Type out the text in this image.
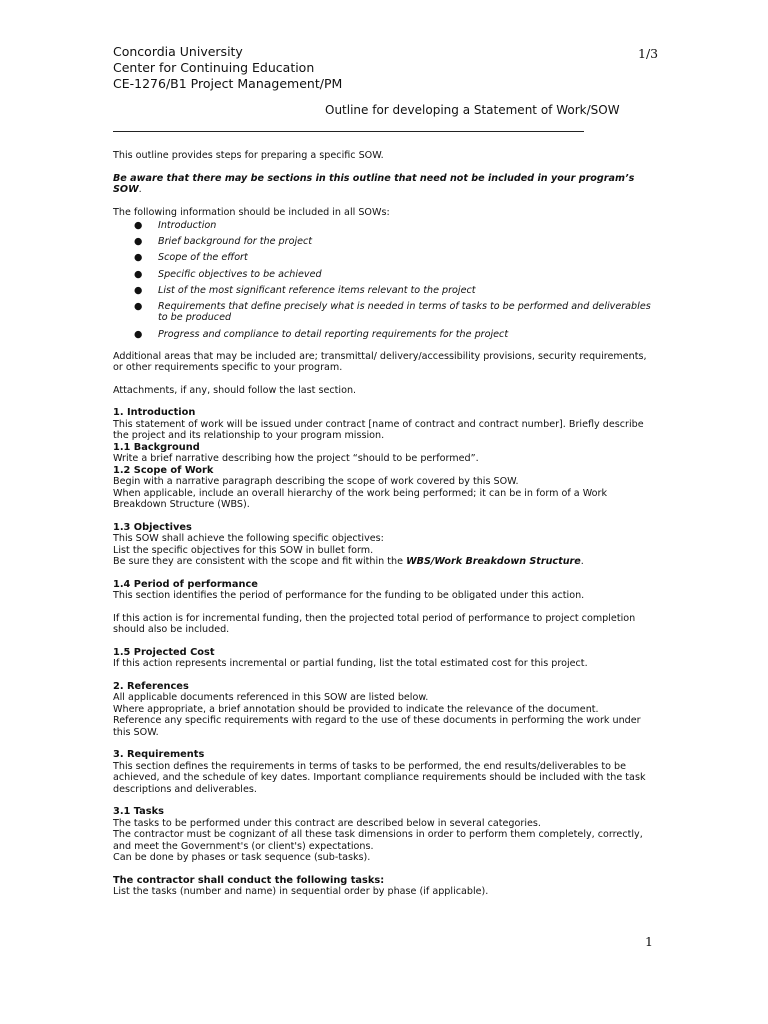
Concordia University
Center for Continuing Education
CE-1276/B1 Project Management/PM
1/3
Outline for developing a Statement of Work/SOW

This outline provides steps for preparing a specific SOW.

Be aware that there may be sections in this outline that need not be included in your program’s SOW.

The following information should be included in all SOWs:

● Introduction
● Brief background for the project
● Scope of the effort
● Specific objectives to be achieved
● List of the most significant reference items relevant to the project
● Requirements that define precisely what is needed in terms of tasks to be performed and deliverables to be produced
● Progress and compliance to detail reporting requirements for the project

Additional areas that may be included are; transmittal/ delivery/accessibility provisions, security requirements, or other requirements specific to your program.

Attachments, if any, should follow the last section.

1. Introduction

This statement of work will be issued under contract [name of contract and contract number]. Briefly describe the project and its relationship to your program mission.

1.1 Background

Write a brief narrative describing how the project “should to be performed”.

1.2 Scope of Work

Begin with a narrative paragraph describing the scope of work covered by this SOW.

When applicable, include an overall hierarchy of the work being performed; it can be in form of a Work Breakdown Structure (WBS).

1.3 Objectives

This SOW shall achieve the following specific objectives:

List the specific objectives for this SOW in bullet form.

Be sure they are consistent with the scope and fit within the WBS/Work Breakdown Structure.

1.4 Period of performance

This section identifies the period of performance for the funding to be obligated under this action.

If this action is for incremental funding, then the projected total period of performance to project completion should also be included.

1.5 Projected Cost

If this action represents incremental or partial funding, list the total estimated cost for this project.

2. References

All applicable documents referenced in this SOW are listed below.

Where appropriate, a brief annotation should be provided to indicate the relevance of the document.

Reference any specific requirements with regard to the use of these documents in performing the work under this SOW.

3. Requirements

This section defines the requirements in terms of tasks to be performed, the end results/deliverables to be achieved, and the schedule of key dates. Important compliance requirements should be included with the task descriptions and deliverables.

3.1 Tasks

The tasks to be performed under this contract are described below in several categories.

The contractor must be cognizant of all these task dimensions in order to perform them completely, correctly, and meet the Government's (or client's) expectations.

Can be done by phases or task sequence (sub-tasks).

The contractor shall conduct the following tasks:

List the tasks (number and name) in sequential order by phase (if applicable).

1
